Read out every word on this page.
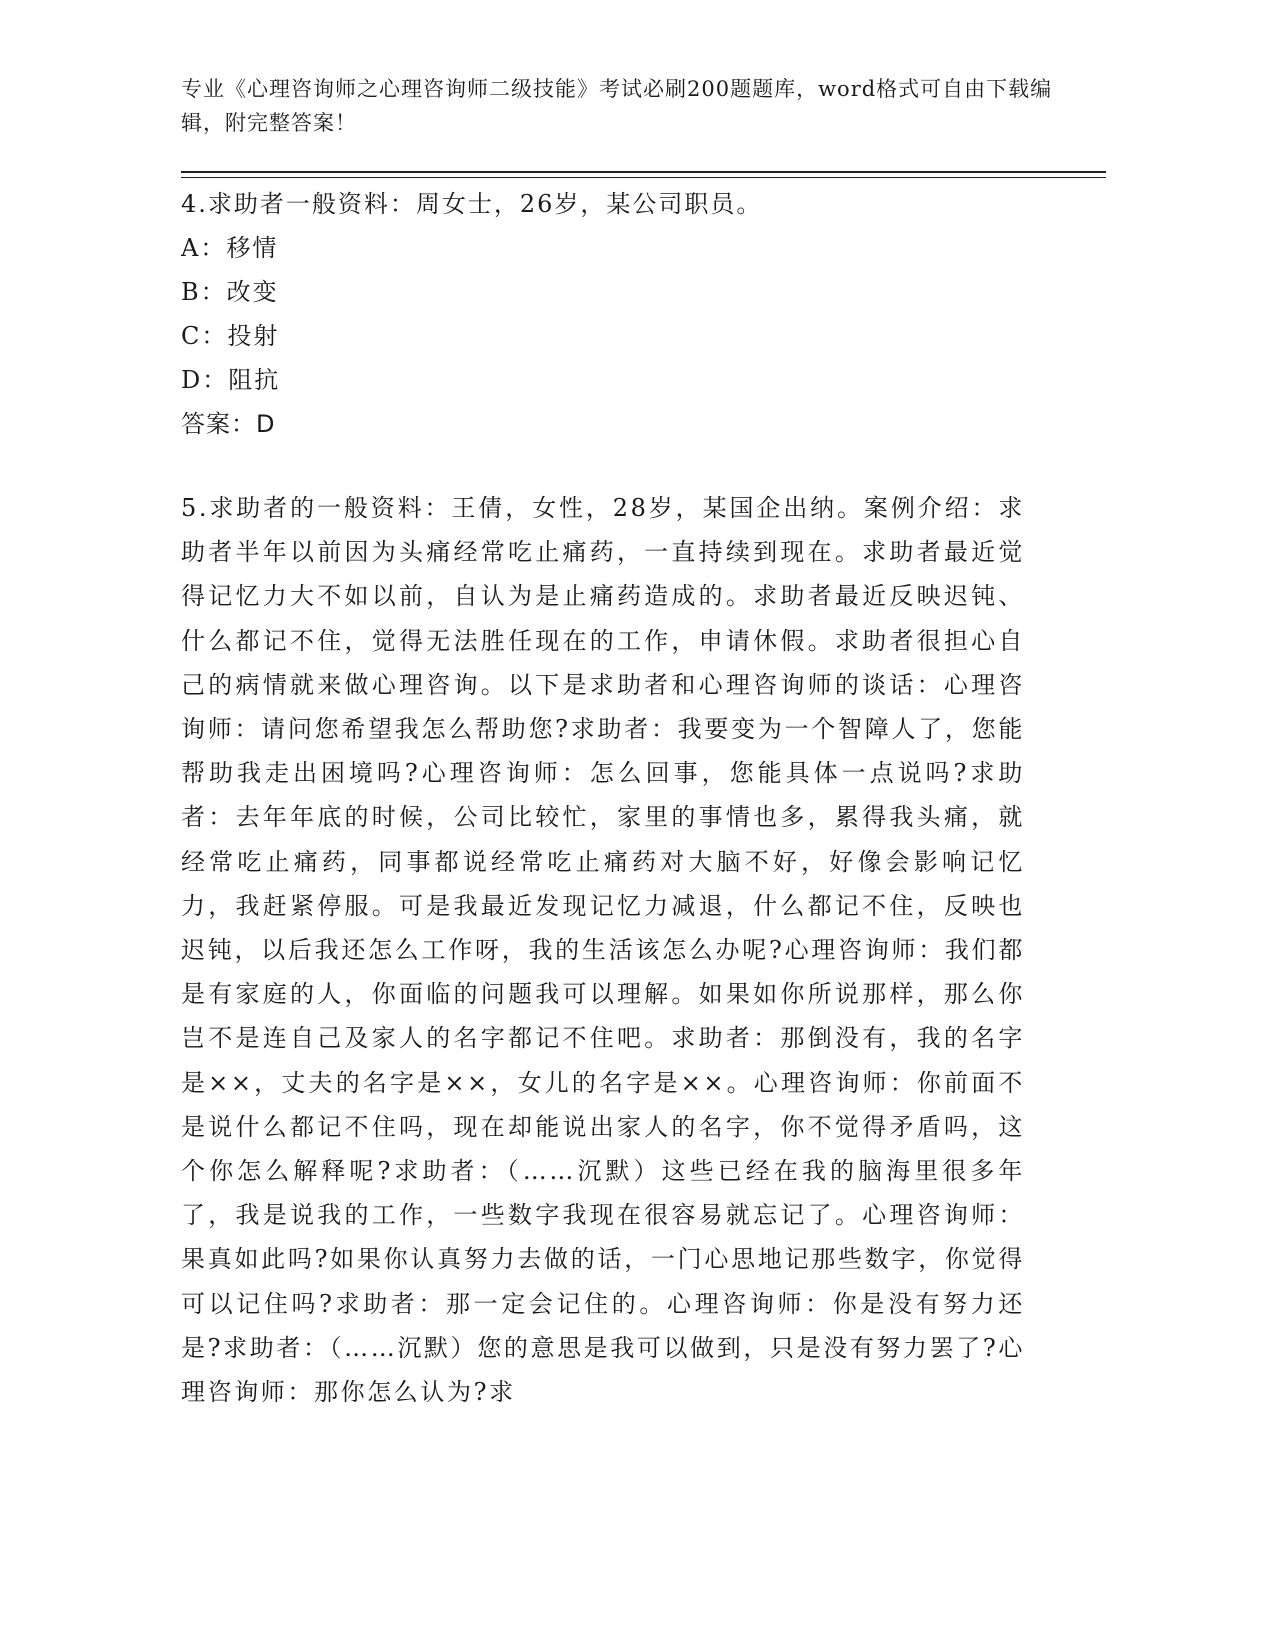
专业《心理咨询师之心理咨询师二级技能》考试必刷200题题库，word格式可自由下载编辑，附完整答案！
4.求助者一般资料：周女士，26岁，某公司职员。
A：移情
B：改变
C：投射
D：阻抗
答案：D
5.求助者的一般资料：王倩，女性，28岁，某国企出纳。案例介绍：求助者半年以前因为头痛经常吃止痛药，一直持续到现在。求助者最近觉得记忆力大不如以前，自认为是止痛药造成的。求助者最近反映迟钝、什么都记不住，觉得无法胜任现在的工作，申请休假。求助者很担心自己的病情就来做心理咨询。以下是求助者和心理咨询师的谈话：心理咨询师：请问您希望我怎么帮助您?求助者：我要变为一个智障人了，您能帮助我走出困境吗?心理咨询师：怎么回事，您能具体一点说吗?求助者：去年年底的时候，公司比较忙，家里的事情也多，累得我头痛，就经常吃止痛药，同事都说经常吃止痛药对大脑不好，好像会影响记忆力，我赶紧停服。可是我最近发现记忆力减退，什么都记不住，反映也迟钝，以后我还怎么工作呀，我的生活该怎么办呢?心理咨询师：我们都是有家庭的人，你面临的问题我可以理解。如果如你所说那样，那么你岂不是连自己及家人的名字都记不住吧。求助者：那倒没有，我的名字是××，丈夫的名字是××，女儿的名字是××。心理咨询师：你前面不是说什么都记不住吗，现在却能说出家人的名字，你不觉得矛盾吗，这个你怎么解释呢?求助者：（……沉默）这些已经在我的脑海里很多年了，我是说我的工作，一些数字我现在很容易就忘记了。心理咨询师：果真如此吗?如果你认真努力去做的话，一门心思地记那些数字，你觉得可以记住吗?求助者：那一定会记住的。心理咨询师：你是没有努力还是?求助者：（……沉默）您的意思是我可以做到，只是没有努力罢了?心理咨询师：那你怎么认为?求
